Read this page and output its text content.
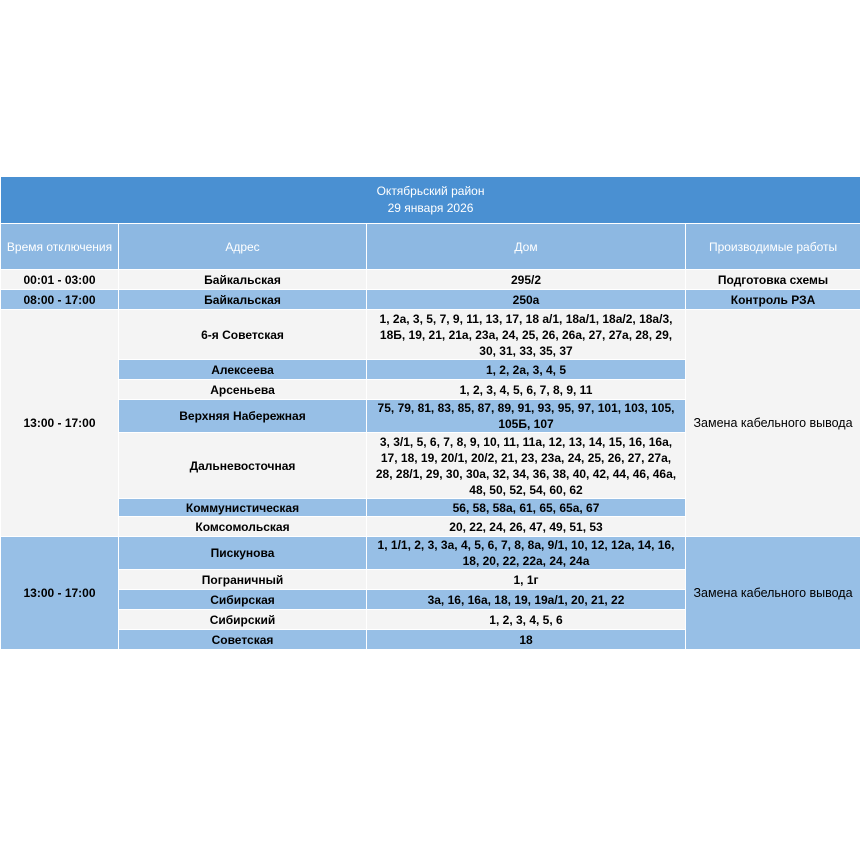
Октябрьский район
29 января 2026			

Время отключения	Адрес	Дом	Производимые работы
00:01 - 03:00	Байкальская	295/2	Подготовка схемы
08:00 - 17:00	Байкальская	250а	Контроль РЗА
13:00 - 17:00	6-я Советская	1, 2а, 3, 5, 7, 9, 11, 13, 17, 18 а/1, 18а/1, 18а/2, 18а/3, 18Б, 19, 21, 21а, 23а, 24, 25, 26, 26а, 27, 27а, 28, 29, 30, 31, 33, 35, 37	Замена кабельного вывода
	Алексеева	1, 2, 2а, 3, 4, 5	
	Арсеньева	1, 2, 3, 4, 5, 6, 7, 8, 9, 11	
	Верхняя Набережная	75, 79, 81, 83, 85, 87, 89, 91, 93, 95, 97, 101, 103, 105, 105Б, 107	
	Дальневосточная	3, 3/1, 5, 6, 7, 8, 9, 10, 11, 11а, 12, 13, 14, 15, 16, 16а, 17, 18, 19, 20/1, 20/2, 21, 23, 23а, 24, 25, 26, 27, 27а, 28, 28/1, 29, 30, 30а, 32, 34, 36, 38, 40, 42, 44, 46, 46а, 48, 50, 52, 54, 60, 62	
	Коммунистическая	56, 58, 58а, 61, 65, 65а, 67	
	Комсомольская	20, 22, 24, 26, 47, 49, 51, 53	
13:00 - 17:00	Пискунова	1, 1/1, 2, 3, 3а, 4, 5, 6, 7, 8, 8а, 9/1, 10, 12, 12а, 14, 16, 18, 20, 22, 22а, 24, 24а	Замена кабельного вывода
	Пограничный	1, 1г	
	Сибирская	3а, 16, 16а, 18, 19, 19а/1, 20, 21, 22	
	Сибирский	1, 2, 3, 4, 5, 6	
	Советская	18	
